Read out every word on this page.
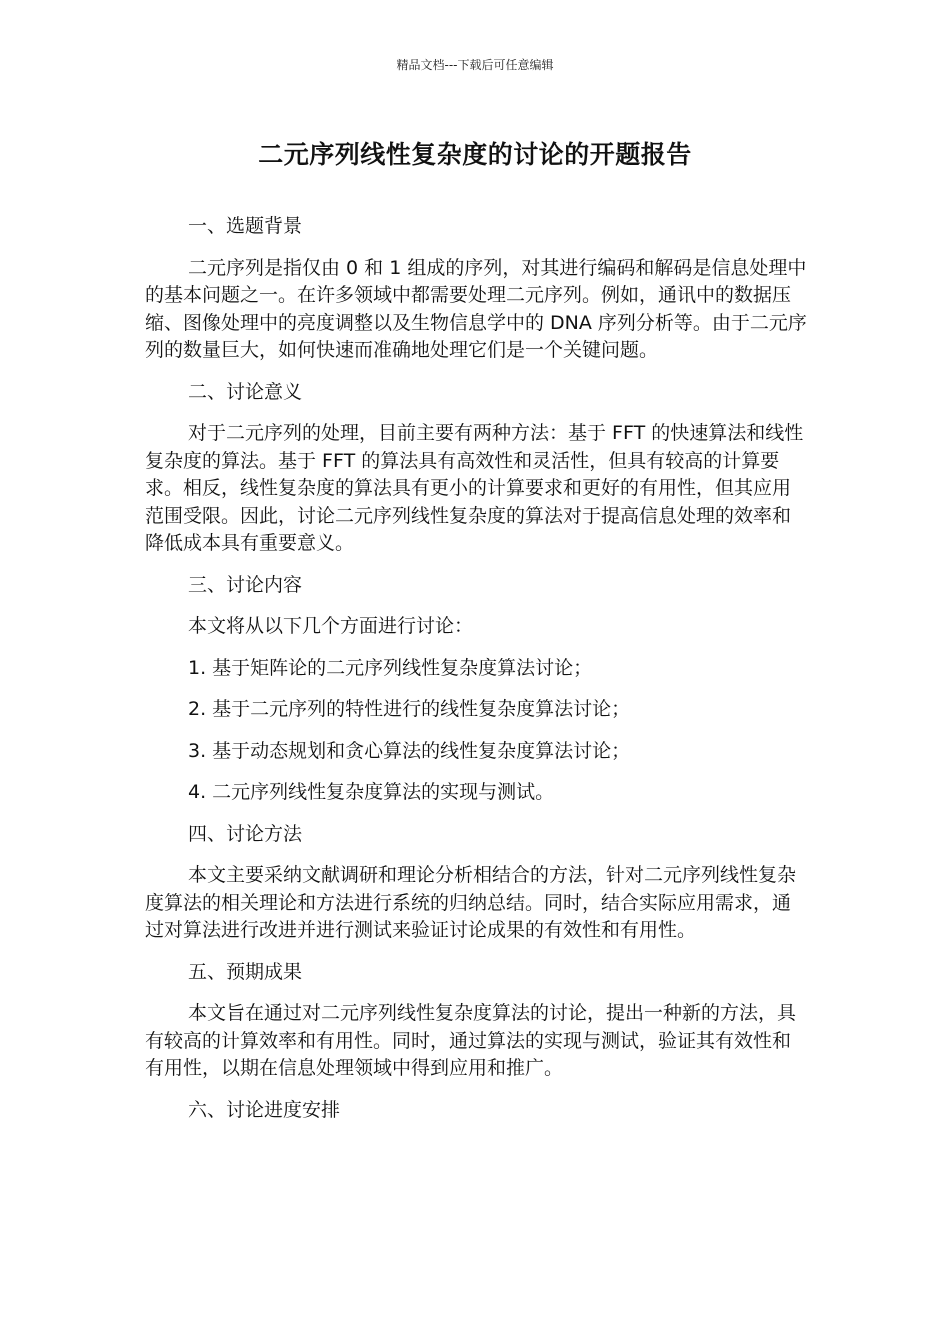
精品文档---下载后可任意编辑
二元序列线性复杂度的讨论的开题报告

一、选题背景

二元序列是指仅由 0 和 1 组成的序列，对其进行编码和解码是信息处理中的基本问题之一。在许多领域中都需要处理二元序列。例如，通讯中的数据压缩、图像处理中的亮度调整以及生物信息学中的 DNA 序列分析等。由于二元序列的数量巨大，如何快速而准确地处理它们是一个关键问题。

二、讨论意义

对于二元序列的处理，目前主要有两种方法：基于 FFT 的快速算法和线性复杂度的算法。基于 FFT 的算法具有高效性和灵活性，但具有较高的计算要求。相反，线性复杂度的算法具有更小的计算要求和更好的有用性，但其应用范围受限。因此，讨论二元序列线性复杂度的算法对于提高信息处理的效率和降低成本具有重要意义。

三、讨论内容

本文将从以下几个方面进行讨论：

1. 基于矩阵论的二元序列线性复杂度算法讨论；

2. 基于二元序列的特性进行的线性复杂度算法讨论；

3. 基于动态规划和贪心算法的线性复杂度算法讨论；

4. 二元序列线性复杂度算法的实现与测试。

四、讨论方法

本文主要采纳文献调研和理论分析相结合的方法，针对二元序列线性复杂度算法的相关理论和方法进行系统的归纳总结。同时，结合实际应用需求，通过对算法进行改进并进行测试来验证讨论成果的有效性和有用性。

五、预期成果

本文旨在通过对二元序列线性复杂度算法的讨论，提出一种新的方法，具有较高的计算效率和有用性。同时，通过算法的实现与测试，验证其有效性和有用性，以期在信息处理领域中得到应用和推广。

六、讨论进度安排
